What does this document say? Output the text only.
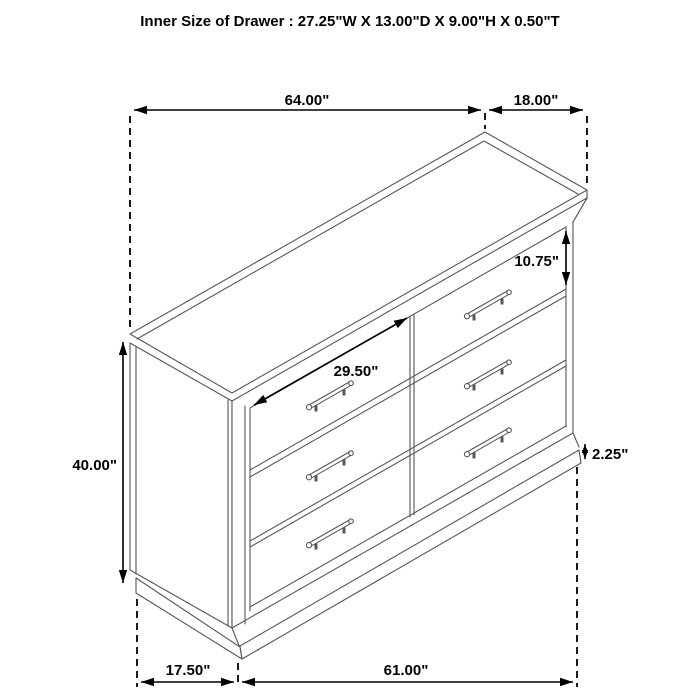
Inner Size of Drawer : 27.25"W X 13.00"D X 9.00"H X 0.50"T
64.00"	18.00"
40.00"
10.75"
29.50"
2.25"
17.50"	61.00"
